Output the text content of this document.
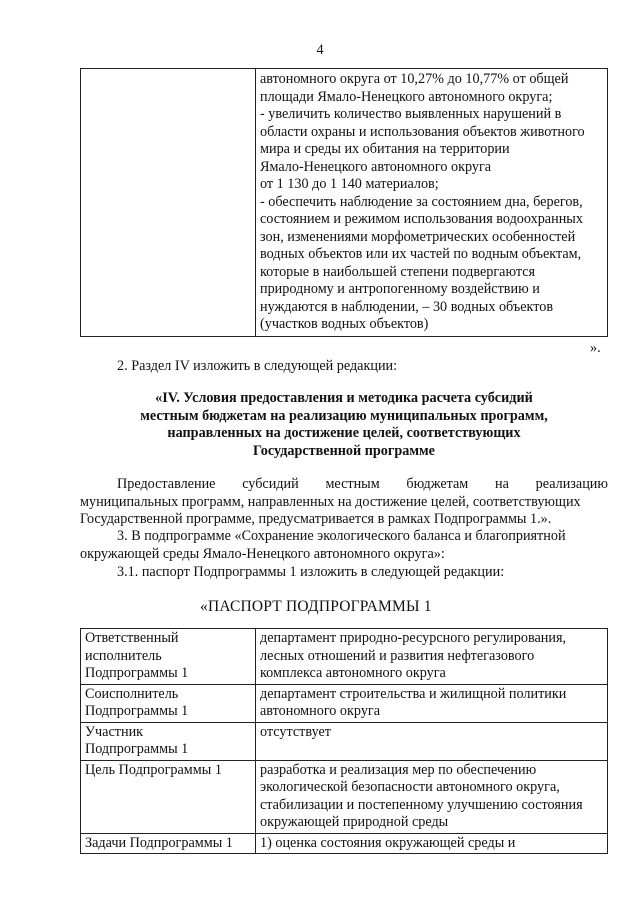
4

автономного округа от 10,27% до 10,77% от общей
площади Ямало-Ненецкого автономного округа;
- увеличить количество выявленных нарушений в
области охраны и использования объектов животного
мира и среды их обитания на территории
Ямало-Ненецкого автономного округа
от 1 130 до 1 140 материалов;
- обеспечить наблюдение за состоянием дна, берегов,
состоянием и режимом использования водоохранных
зон, изменениями морфометрических особенностей
водных объектов или их частей по водным объектам,
которые в наибольшей степени подвергаются
природному и антропогенному воздействию и
нуждаются в наблюдении, – 30 водных объектов
(участков водных объектов)
».
2. Раздел IV изложить в следующей редакции:
«IV. Условия предоставления и методика расчета субсидий
местным бюджетам на реализацию муниципальных программ,
направленных на достижение целей, соответствующих
Государственной программе
Предоставление субсидий местным бюджетам на реализацию
муниципальных программ, направленных на достижение целей, соответствующих
Государственной программе, предусматривается в рамках Подпрограммы 1.».
3. В подпрограмме «Сохранение экологического баланса и благоприятной
окружающей среды Ямало-Ненецкого автономного округа»:
3.1. паспорт Подпрограммы 1 изложить в следующей редакции:
«ПАСПОРТ ПОДПРОГРАММЫ 1
Ответственный
исполнитель
Подпрограммы 1	департамент природно-ресурсного регулирования,
лесных отношений и развития нефтегазового
комплекса автономного округа

Соисполнитель
Подпрограммы 1	департамент строительства и жилищной политики
автономного округа

Участник
Подпрограммы 1	отсутствует

Цель Подпрограммы 1	разработка и реализация мер по обеспечению
экологической безопасности автономного округа,
стабилизации и постепенному улучшению состояния
окружающей природной среды

Задачи Подпрограммы 1	1) оценка состояния окружающей среды и
